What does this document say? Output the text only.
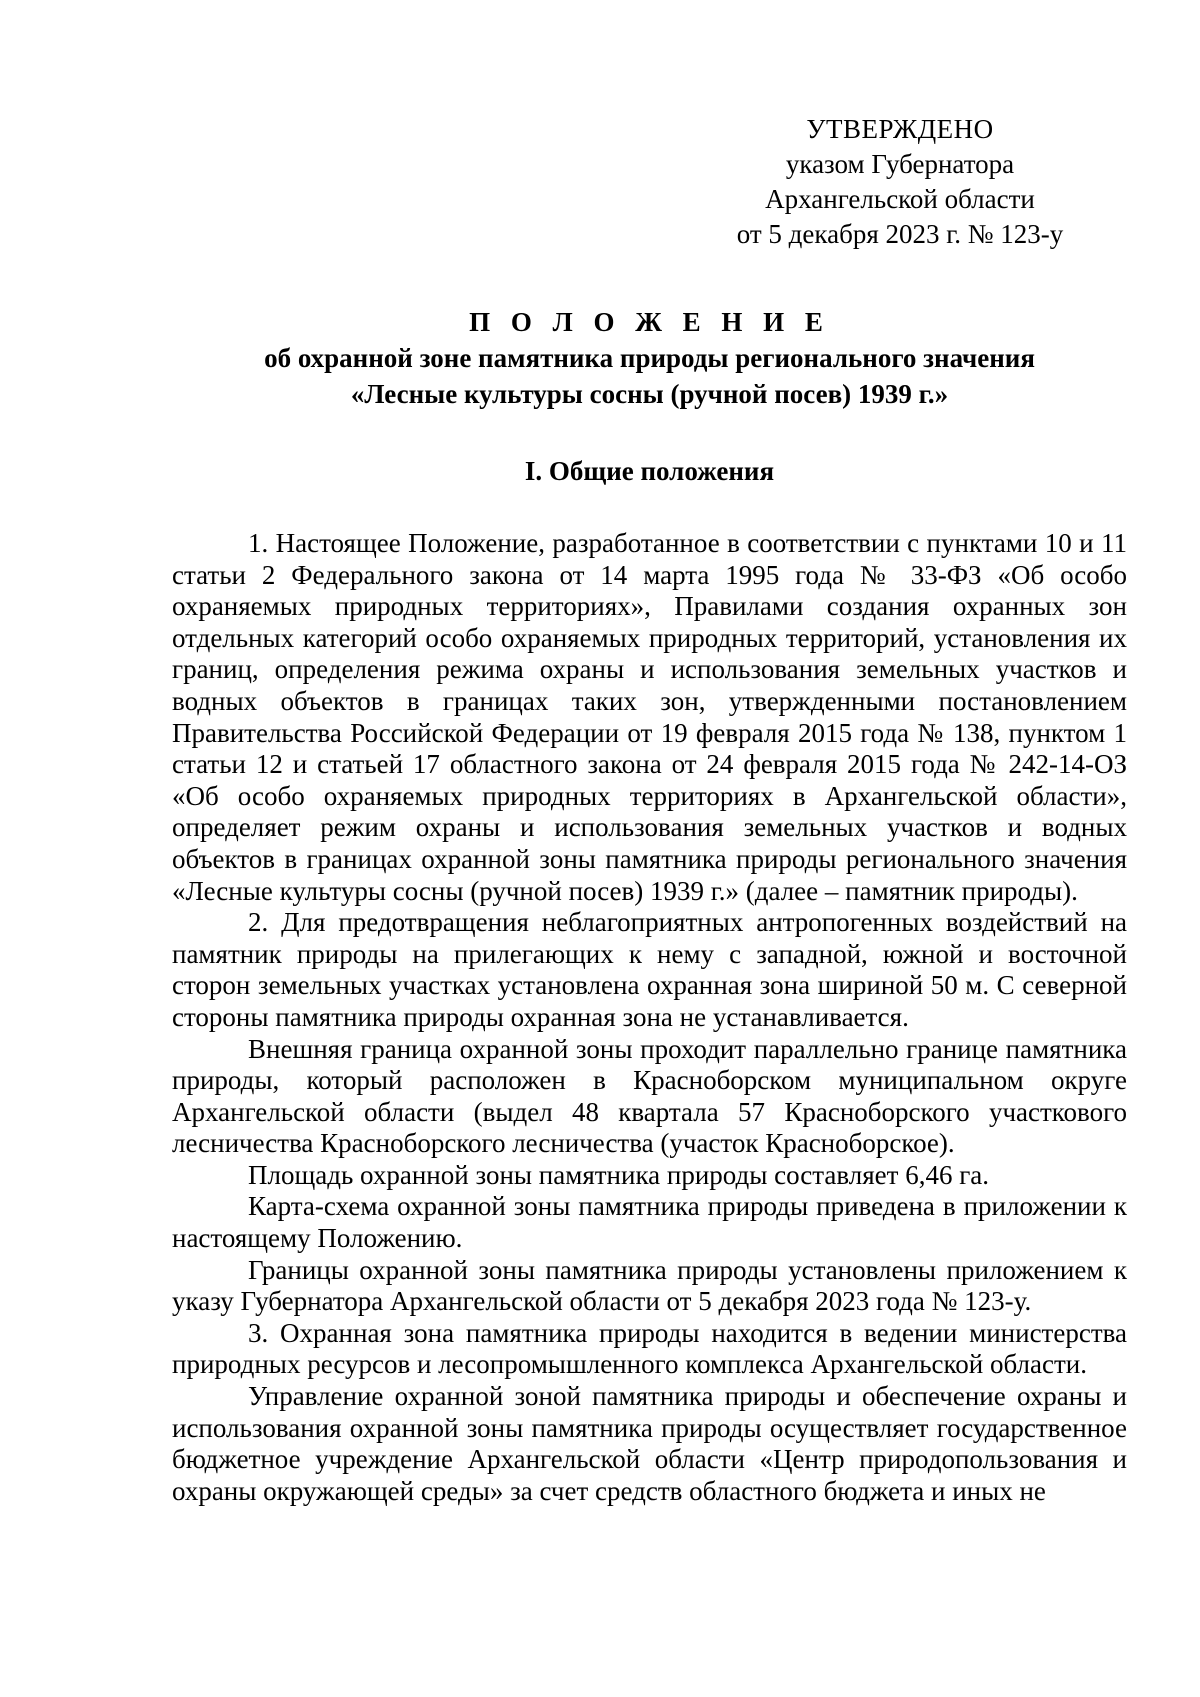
УТВЕРЖДЕНО
указом Губернатора
Архангельской области
от 5 декабря 2023 г. № 123-у
П О Л О Ж Е Н И Е
об охранной зоне памятника природы регионального значения
«Лесные культуры сосны (ручной посев) 1939 г.»
I. Общие положения

1. Настоящее Положение, разработанное в соответствии с пунктами 10 и 11 статьи 2 Федерального закона от 14 марта 1995 года № 33-ФЗ «Об особо охраняемых природных территориях», Правилами создания охранных зон отдельных категорий особо охраняемых природных территорий, установления их границ, определения режима охраны и использования земельных участков и водных объектов в границах таких зон, утвержденными постановлением Правительства Российской Федерации от 19 февраля 2015 года № 138, пунктом 1 статьи 12 и статьей 17 областного закона от 24 февраля 2015 года № 242-14-ОЗ «Об особо охраняемых природных территориях в Архангельской области», определяет режим охраны и использования земельных участков и водных объектов в границах охранной зоны памятника природы регионального значения «Лесные культуры сосны (ручной посев) 1939 г.» (далее – памятник природы).

2. Для предотвращения неблагоприятных антропогенных воздействий на памятник природы на прилегающих к нему с западной, южной и восточной сторон земельных участках установлена охранная зона шириной 50 м. С северной стороны памятника природы охранная зона не устанавливается.

Внешняя граница охранной зоны проходит параллельно границе памятника природы, который расположен в Красноборском муниципальном округе Архангельской области (выдел 48 квартала 57 Красноборского участкового лесничества Красноборского лесничества (участок Красноборское).

Площадь охранной зоны памятника природы составляет 6,46 га.

Карта-схема охранной зоны памятника природы приведена в приложении к настоящему Положению.

Границы охранной зоны памятника природы установлены приложением к указу Губернатора Архангельской области от 5 декабря 2023 года № 123-у.

3. Охранная зона памятника природы находится в ведении министерства природных ресурсов и лесопромышленного комплекса Архангельской области.

Управление охранной зоной памятника природы и обеспечение охраны и использования охранной зоны памятника природы осуществляет государственное бюджетное учреждение Архангельской области «Центр природопользования и охраны окружающей среды» за счет средств областного бюджета и иных не
